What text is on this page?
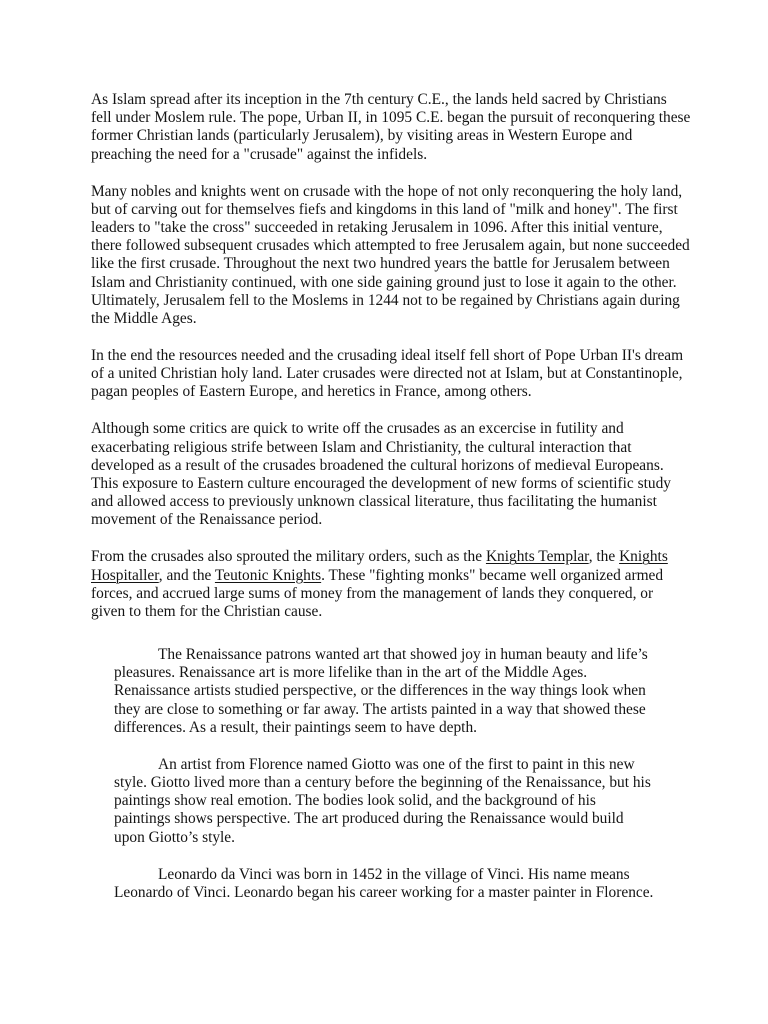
As Islam spread after its inception in the 7th century C.E., the lands held sacred by Christians fell under Moslem rule. The pope, Urban II, in 1095 C.E. began the pursuit of reconquering these former Christian lands (particularly Jerusalem), by visiting areas in Western Europe and preaching the need for a "crusade" against the infidels.

Many nobles and knights went on crusade with the hope of not only reconquering the holy land, but of carving out for themselves fiefs and kingdoms in this land of "milk and honey". The first leaders to "take the cross" succeeded in retaking Jerusalem in 1096. After this initial venture, there followed subsequent crusades which attempted to free Jerusalem again, but none succeeded like the first crusade. Throughout the next two hundred years the battle for Jerusalem between Islam and Christianity continued, with one side gaining ground just to lose it again to the other. Ultimately, Jerusalem fell to the Moslems in 1244 not to be regained by Christians again during the Middle Ages.

In the end the resources needed and the crusading ideal itself fell short of Pope Urban II's dream of a united Christian holy land. Later crusades were directed not at Islam, but at Constantinople, pagan peoples of Eastern Europe, and heretics in France, among others.

Although some critics are quick to write off the crusades as an excercise in futility and exacerbating religious strife between Islam and Christianity, the cultural interaction that developed as a result of the crusades broadened the cultural horizons of medieval Europeans. This exposure to Eastern culture encouraged the development of new forms of scientific study and allowed access to previously unknown classical literature, thus facilitating the humanist movement of the Renaissance period.

From the crusades also sprouted the military orders, such as the Knights Templar, the Knights Hospitaller, and the Teutonic Knights. These "fighting monks" became well organized armed forces, and accrued large sums of money from the management of lands they conquered, or given to them for the Christian cause.

The Renaissance patrons wanted art that showed joy in human beauty and life’s pleasures. Renaissance art is more lifelike than in the art of the Middle Ages. Renaissance artists studied perspective, or the differences in the way things look when they are close to something or far away. The artists painted in a way that showed these differences. As a result, their paintings seem to have depth.

An artist from Florence named Giotto was one of the first to paint in this new style. Giotto lived more than a century before the beginning of the Renaissance, but his paintings show real emotion. The bodies look solid, and the background of his paintings shows perspective. The art produced during the Renaissance would build upon Giotto’s style.

Leonardo da Vinci was born in 1452 in the village of Vinci. His name means Leonardo of Vinci. Leonardo began his career working for a master painter in Florence.
